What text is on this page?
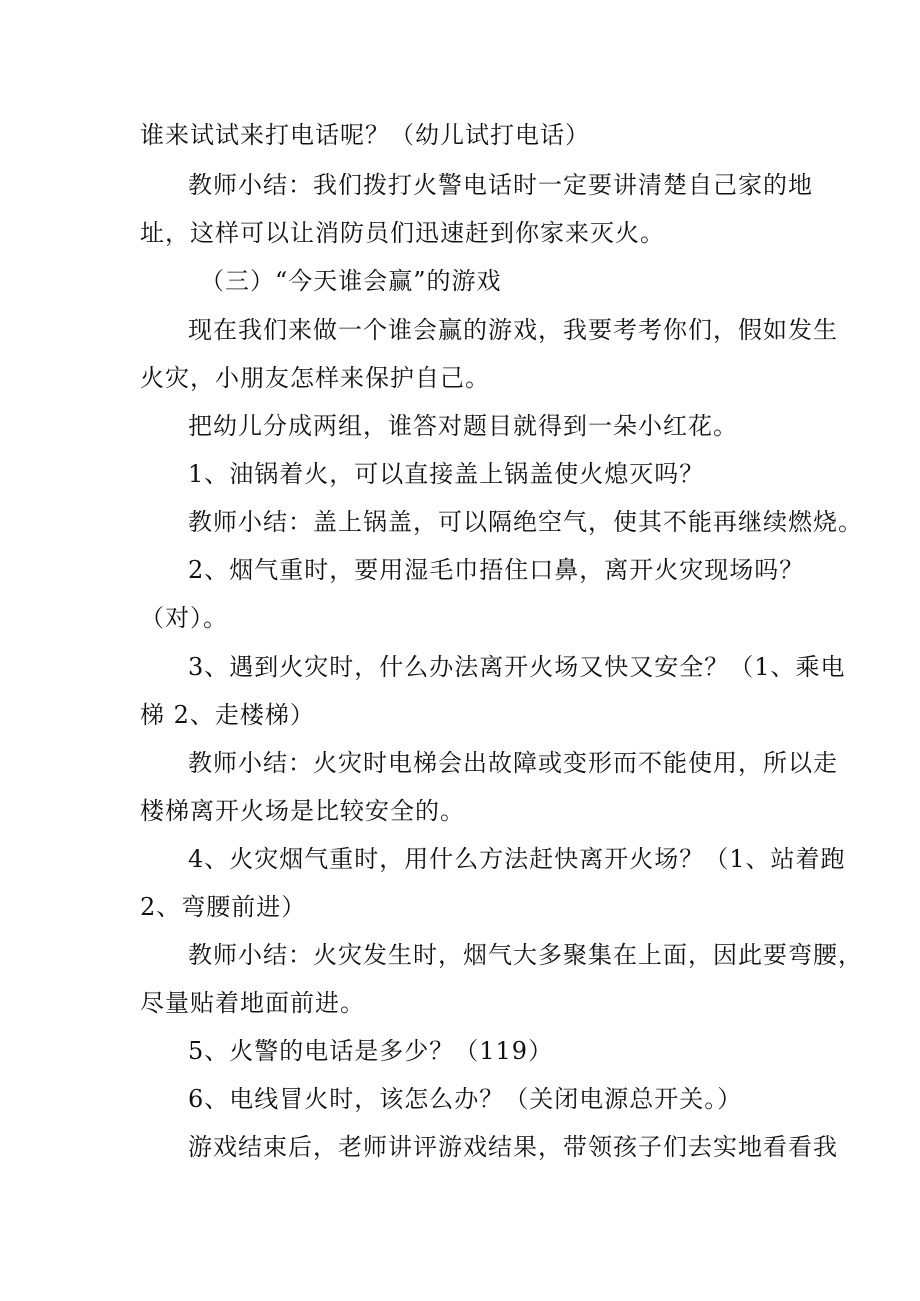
谁来试试来打电话呢？（幼儿试打电话）
教师小结：我们拨打火警电话时一定要讲清楚自己家的地
址，这样可以让消防员们迅速赶到你家来灭火。
（三）“今天谁会赢”的游戏
现在我们来做一个谁会赢的游戏，我要考考你们，假如发生
火灾，小朋友怎样来保护自己。
把幼儿分成两组，谁答对题目就得到一朵小红花。
1、油锅着火，可以直接盖上锅盖使火熄灭吗？
教师小结：盖上锅盖，可以隔绝空气，使其不能再继续燃烧。
2、烟气重时，要用湿毛巾捂住口鼻，离开火灾现场吗？
（对）。
3、遇到火灾时，什么办法离开火场又快又安全？（1、乘电
梯 2、走楼梯）
教师小结：火灾时电梯会出故障或变形而不能使用，所以走
楼梯离开火场是比较安全的。
4、火灾烟气重时，用什么方法赶快离开火场？（1、站着跑
2、弯腰前进）
教师小结：火灾发生时，烟气大多聚集在上面，因此要弯腰，
尽量贴着地面前进。
5、火警的电话是多少？（119）
6、电线冒火时，该怎么办？（关闭电源总开关。）
游戏结束后，老师讲评游戏结果，带领孩子们去实地看看我
